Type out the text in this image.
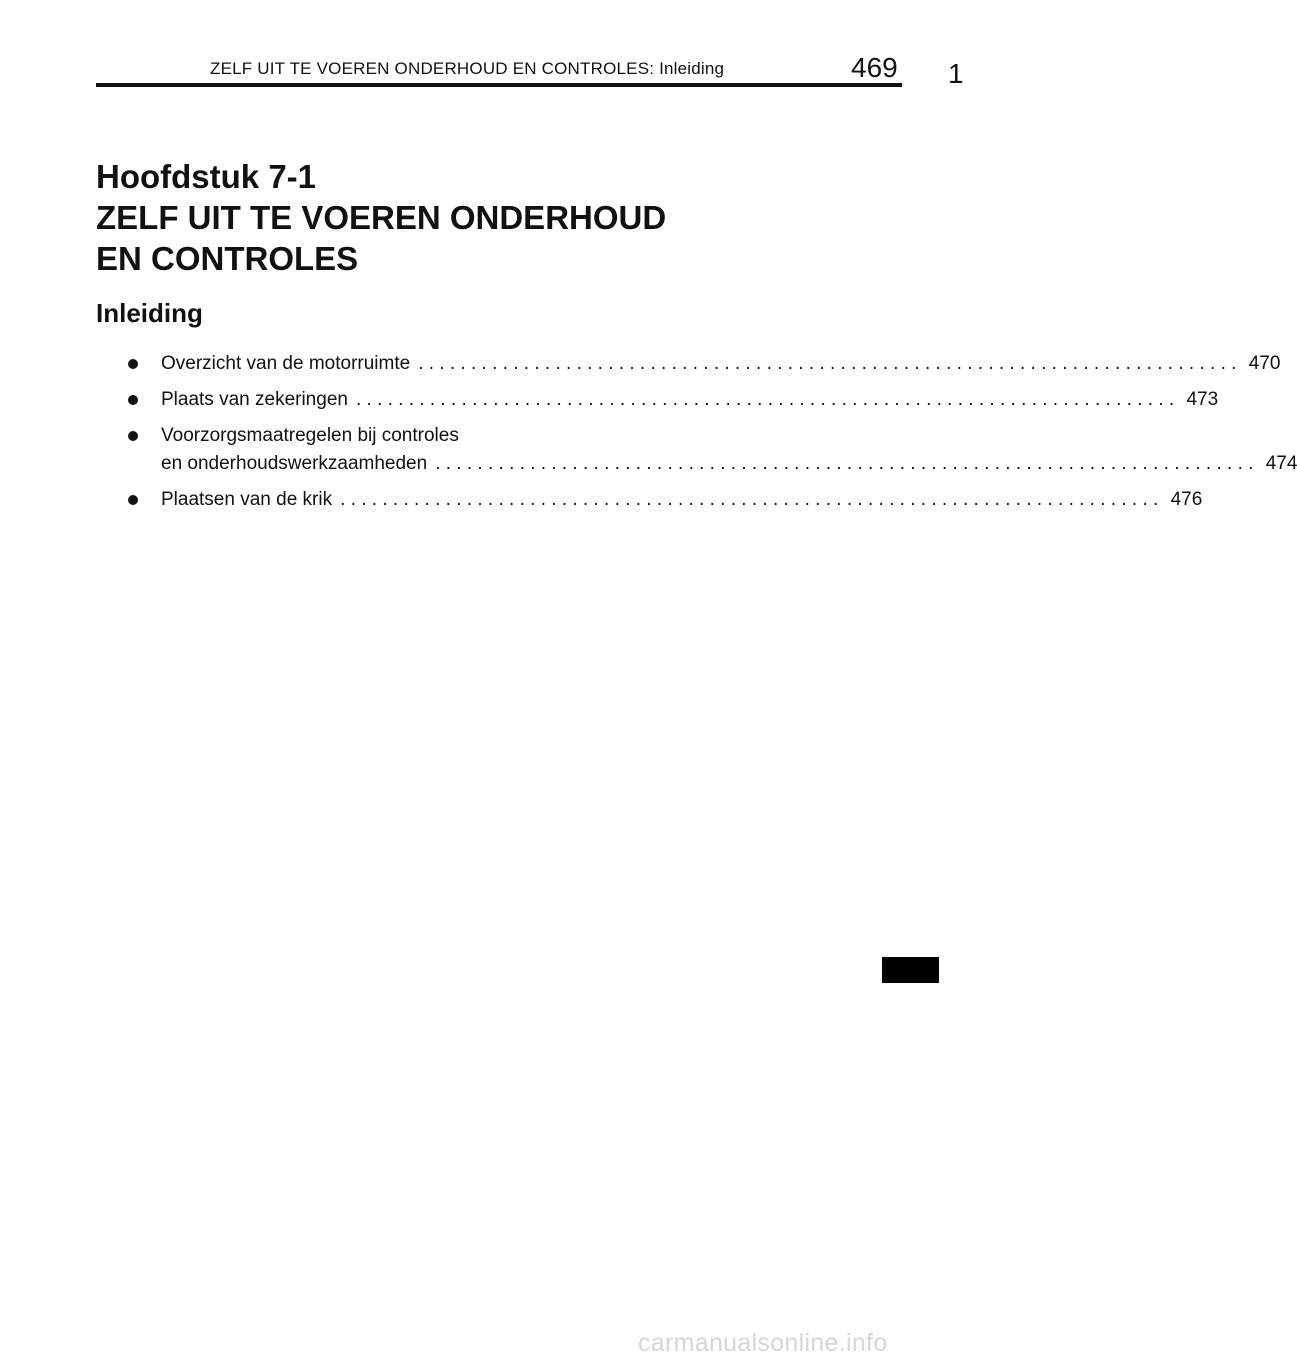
ZELF UIT TE VOEREN ONDERHOUD EN CONTROLES: Inleiding	469 1
Hoofdstuk 7-1
ZELF UIT TE VOEREN ONDERHOUD
EN CONTROLES
Inleiding
Overzicht van de motorruimte . . .	470
Plaats van zekeringen . . .	473
Voorzorgsmaatregelen bij controles
en onderhoudswerkzaamheden . . .	474
Plaatsen van de krik . . .	476
carmanualsonline.info
